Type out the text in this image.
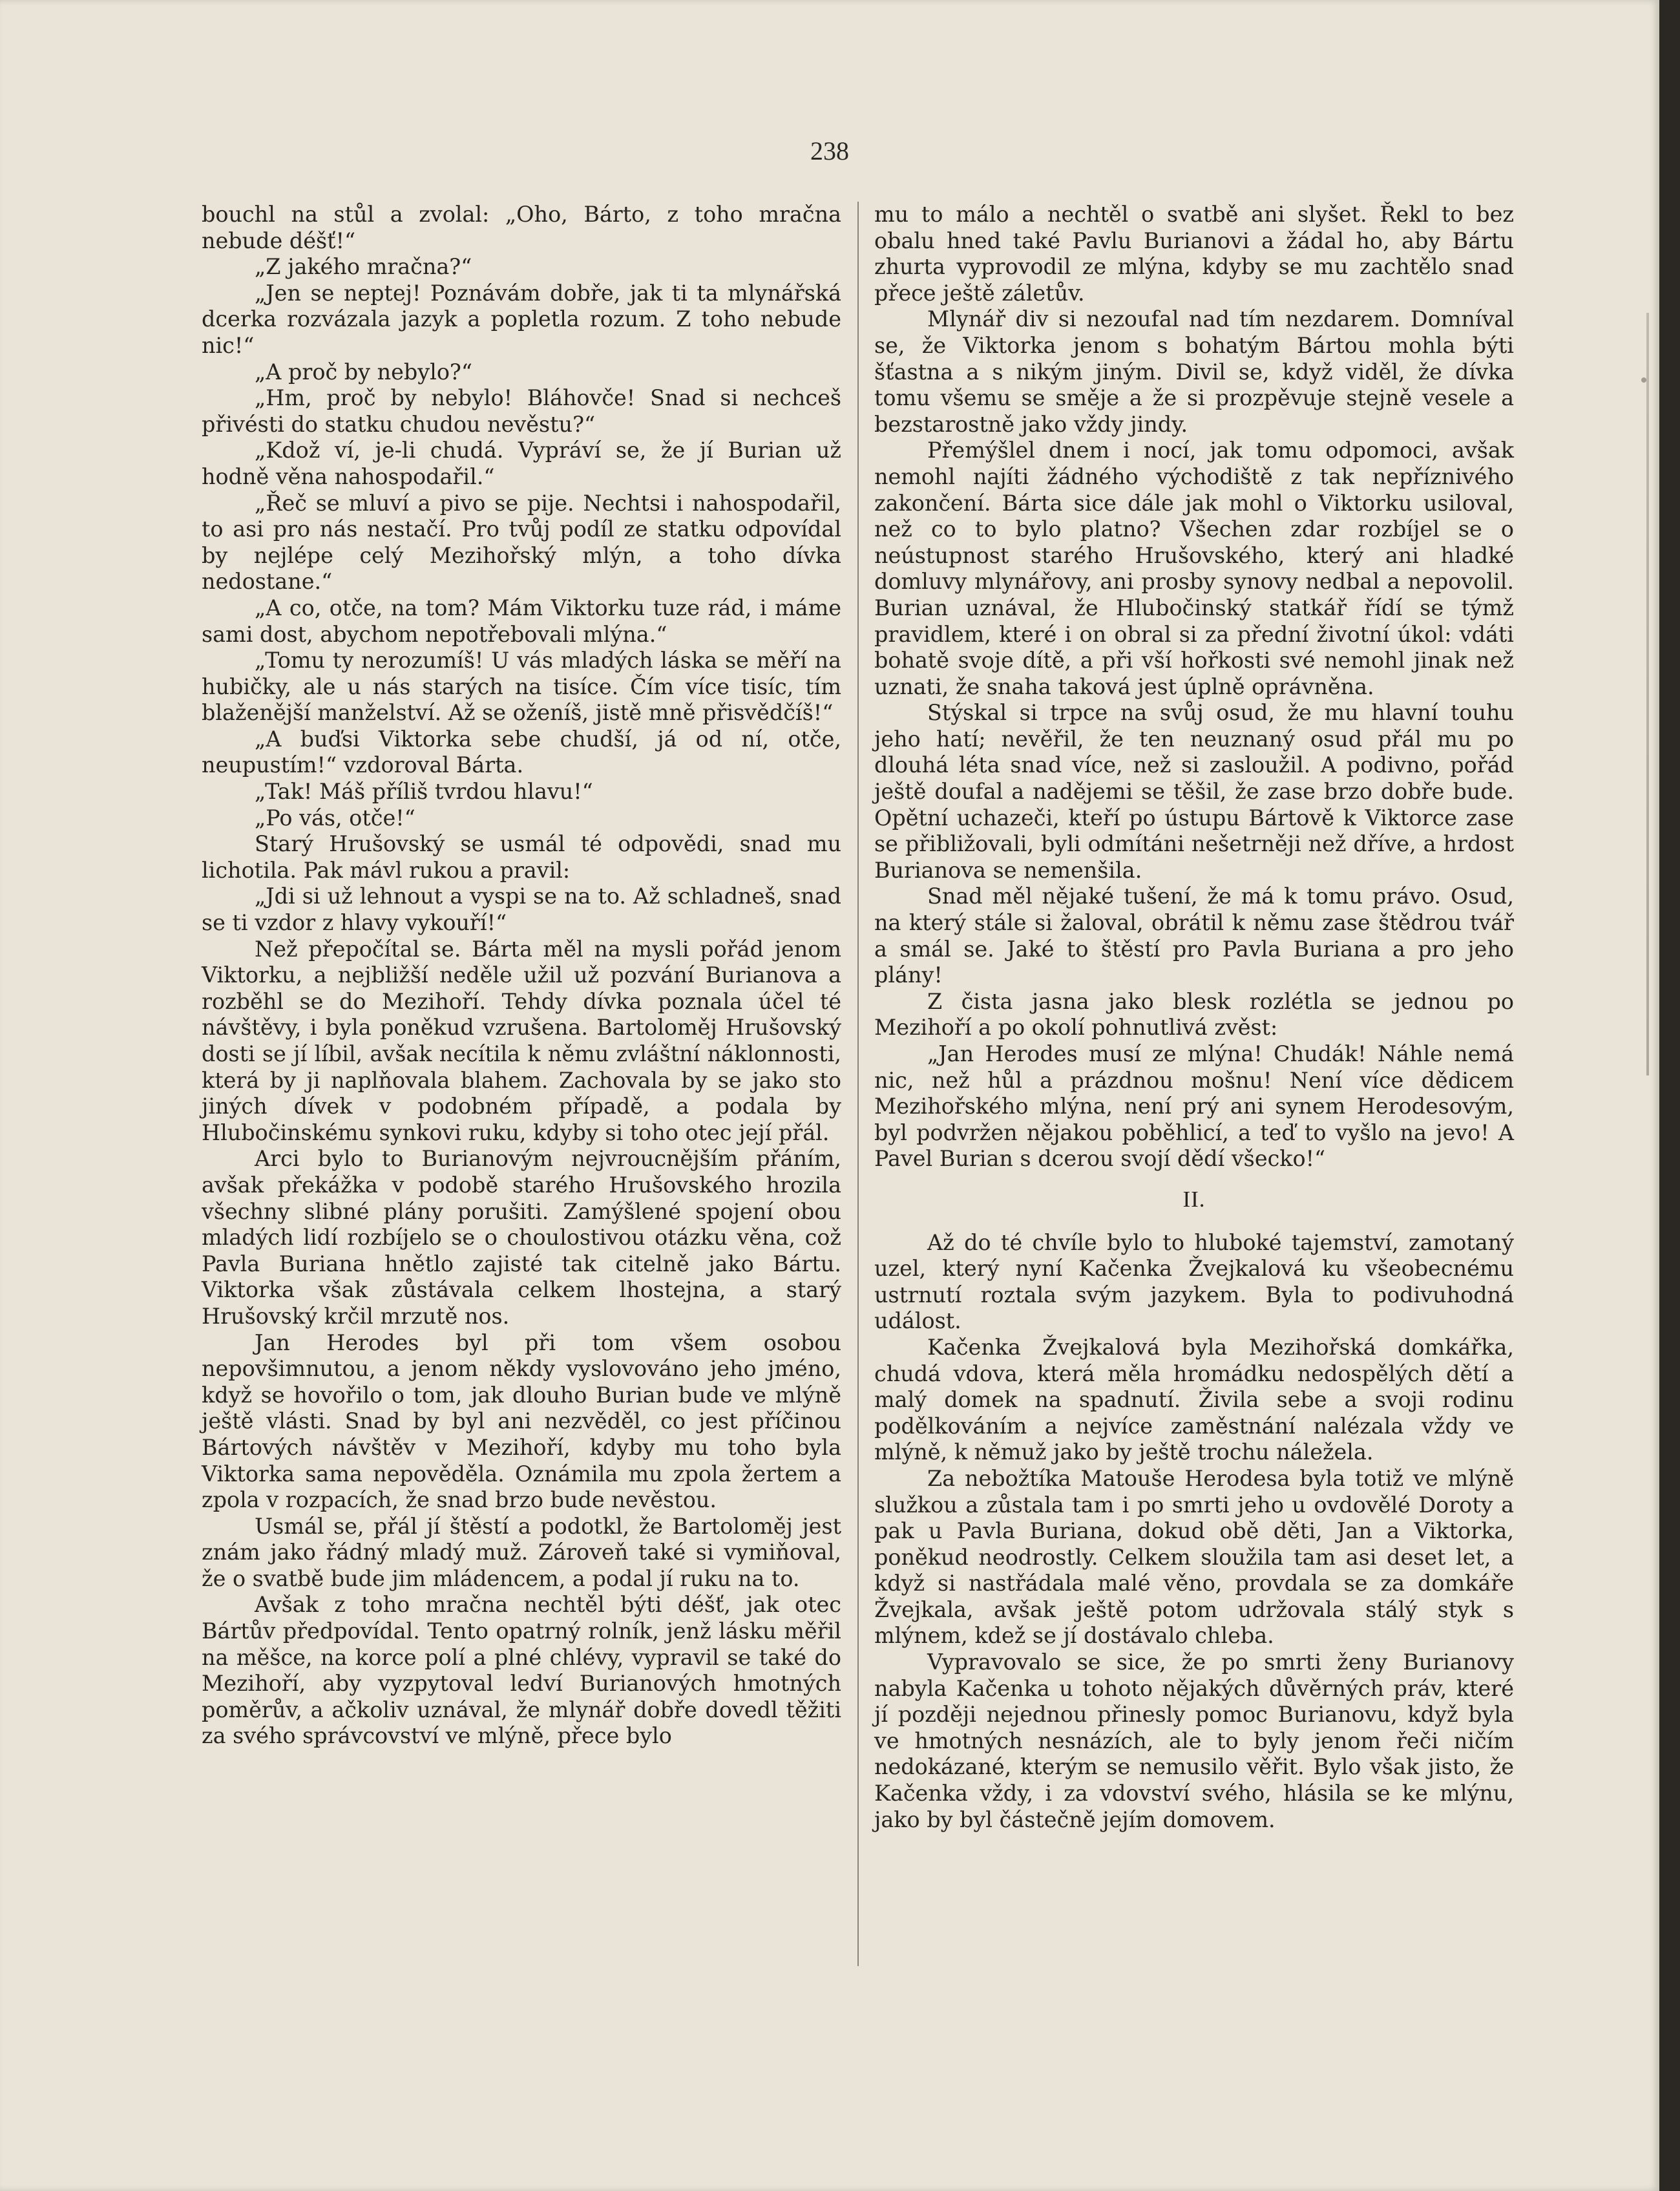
238

bouchl na stůl a zvolal: „Oho, Bárto, z toho mračna nebude déšť!“

„Z jakého mračna?“

„Jen se neptej! Poznávám dobře, jak ti ta mlynářská dcerka rozvázala jazyk a popletla rozum. Z toho nebude nic!“

„A proč by nebylo?“

„Hm, proč by nebylo! Bláhovče! Snad si nechceš přivésti do statku chudou nevěstu?“

„Kdož ví, je-li chudá. Vypráví se, že jí Burian už hodně věna nahospodařil.“

„Řeč se mluví a pivo se pije. Nechtsi i nahospodařil, to asi pro nás nestačí. Pro tvůj podíl ze statku odpovídal by nejlépe celý Mezihořský mlýn, a toho dívka nedostane.“

„A co, otče, na tom? Mám Viktorku tuze rád, i máme sami dost, abychom nepotřebovali mlýna.“

„Tomu ty nerozumíš! U vás mladých láska se měří na hubičky, ale u nás starých na tisíce. Čím více tisíc, tím blaženější manželství. Až se oženíš, jistě mně přisvědčíš!“

„A buďsi Viktorka sebe chudší, já od ní, otče, neupustím!“ vzdoroval Bárta.

„Tak! Máš příliš tvrdou hlavu!“

„Po vás, otče!“

Starý Hrušovský se usmál té odpovědi, snad mu lichotila. Pak mávl rukou a pravil:

„Jdi si už lehnout a vyspi se na to. Až schladneš, snad se ti vzdor z hlavy vykouří!“

Než přepočítal se. Bárta měl na mysli pořád jenom Viktorku, a nejbližší neděle užil už pozvání Burianova a rozběhl se do Mezihoří. Tehdy dívka poznala účel té návštěvy, i byla poněkud vzrušena. Bartoloměj Hrušovský dosti se jí líbil, avšak necítila k němu zvláštní náklonnosti, která by ji naplňovala blahem. Zachovala by se jako sto jiných dívek v podobném případě, a podala by Hlubočinskému synkovi ruku, kdyby si toho otec její přál.

Arci bylo to Burianovým nejvroucnějším přáním, avšak překážka v podobě starého Hrušovského hrozila všechny slibné plány porušiti. Zamýšlené spojení obou mladých lidí rozbíjelo se o choulostivou otázku věna, což Pavla Buriana hnětlo zajisté tak citelně jako Bártu. Viktorka však zůstávala celkem lhostejna, a starý Hrušovský krčil mrzutě nos.

Jan Herodes byl při tom všem osobou nepovšimnutou, a jenom někdy vyslovováno jeho jméno, když se hovořilo o tom, jak dlouho Burian bude ve mlýně ještě vlásti. Snad by byl ani nezvěděl, co jest příčinou Bártových návštěv v Mezihoří, kdyby mu toho byla Viktorka sama nepověděla. Oznámila mu zpola žertem a zpola v rozpacích, že snad brzo bude nevěstou.

Usmál se, přál jí štěstí a podotkl, že Bartoloměj jest znám jako řádný mladý muž. Zároveň také si vymiňoval, že o svatbě bude jim mládencem, a podal jí ruku na to.

Avšak z toho mračna nechtěl býti déšť, jak otec Bártův předpovídal. Tento opatrný rolník, jenž lásku měřil na měšce, na korce polí a plné chlévy, vypravil se také do Mezihoří, aby vyzpytoval ledví Burianových hmotných poměrův, a ačkoliv uznával, že mlynář dobře dovedl těžiti za svého správcovství ve mlýně, přece bylo

mu to málo a nechtěl o svatbě ani slyšet. Řekl to bez obalu hned také Pavlu Burianovi a žádal ho, aby Bártu zhurta vyprovodil ze mlýna, kdyby se mu zachtělo snad přece ještě záletův.

Mlynář div si nezoufal nad tím nezdarem. Domníval se, že Viktorka jenom s bohatým Bártou mohla býti šťastna a s nikým jiným. Divil se, když viděl, že dívka tomu všemu se směje a že si prozpěvuje stejně vesele a bezstarostně jako vždy jindy.

Přemýšlel dnem i nocí, jak tomu odpomoci, avšak nemohl najíti žádného východiště z tak nepříznivého zakončení. Bárta sice dále jak mohl o Viktorku usiloval, než co to bylo platno? Všechen zdar rozbíjel se o neústupnost starého Hrušovského, který ani hladké domluvy mlynářovy, ani prosby synovy nedbal a nepovolil. Burian uznával, že Hlubočinský statkář řídí se týmž pravidlem, které i on obral si za přední životní úkol: vdáti bohatě svoje dítě, a při vší hořkosti své nemohl jinak než uznati, že snaha taková jest úplně oprávněna.

Stýskal si trpce na svůj osud, že mu hlavní touhu jeho hatí; nevěřil, že ten neuznaný osud přál mu po dlouhá léta snad více, než si zasloužil. A podivno, pořád ještě doufal a nadějemi se těšil, že zase brzo dobře bude. Opětní uchazeči, kteří po ústupu Bártově k Viktorce zase se přibližovali, byli odmítáni nešetrněji než dříve, a hrdost Burianova se nemenšila.

Snad měl nějaké tušení, že má k tomu právo. Osud, na který stále si žaloval, obrátil k němu zase štědrou tvář a smál se. Jaké to štěstí pro Pavla Buriana a pro jeho plány!

Z čista jasna jako blesk rozlétla se jednou po Mezihoří a po okolí pohnutlivá zvěst:

„Jan Herodes musí ze mlýna! Chudák! Náhle nemá nic, než hůl a prázdnou mošnu! Není více dědicem Mezihořského mlýna, není prý ani synem Herodesovým, byl podvržen nějakou poběhlicí, a teď to vyšlo na jevo! A Pavel Burian s dcerou svojí dědí všecko!“

II.

Až do té chvíle bylo to hluboké tajemství, zamotaný uzel, který nyní Kačenka Žvejkalová ku všeobecnému ustrnutí roztala svým jazykem. Byla to podivuhodná událost.

Kačenka Žvejkalová byla Mezihořská domkářka, chudá vdova, která měla hromádku nedospělých dětí a malý domek na spadnutí. Živila sebe a svoji rodinu podělkováním a nejvíce zaměstnání nalézala vždy ve mlýně, k němuž jako by ještě trochu náležela.

Za nebožtíka Matouše Herodesa byla totiž ve mlýně služkou a zůstala tam i po smrti jeho u ovdovělé Doroty a pak u Pavla Buriana, dokud obě děti, Jan a Viktorka, poněkud neodrostly. Celkem sloužila tam asi deset let, a když si nastřádala malé věno, provdala se za domkáře Žvejkala, avšak ještě potom udržovala stálý styk s mlýnem, kdež se jí dostávalo chleba.

Vypravovalo se sice, že po smrti ženy Burianovy nabyla Kačenka u tohoto nějakých důvěrných práv, které jí později nejednou přinesly pomoc Burianovu, když byla ve hmotných nesnázích, ale to byly jenom řeči ničím nedokázané, kterým se nemusilo věřit. Bylo však jisto, že Kačenka vždy, i za vdovství svého, hlásila se ke mlýnu, jako by byl částečně jejím domovem.
